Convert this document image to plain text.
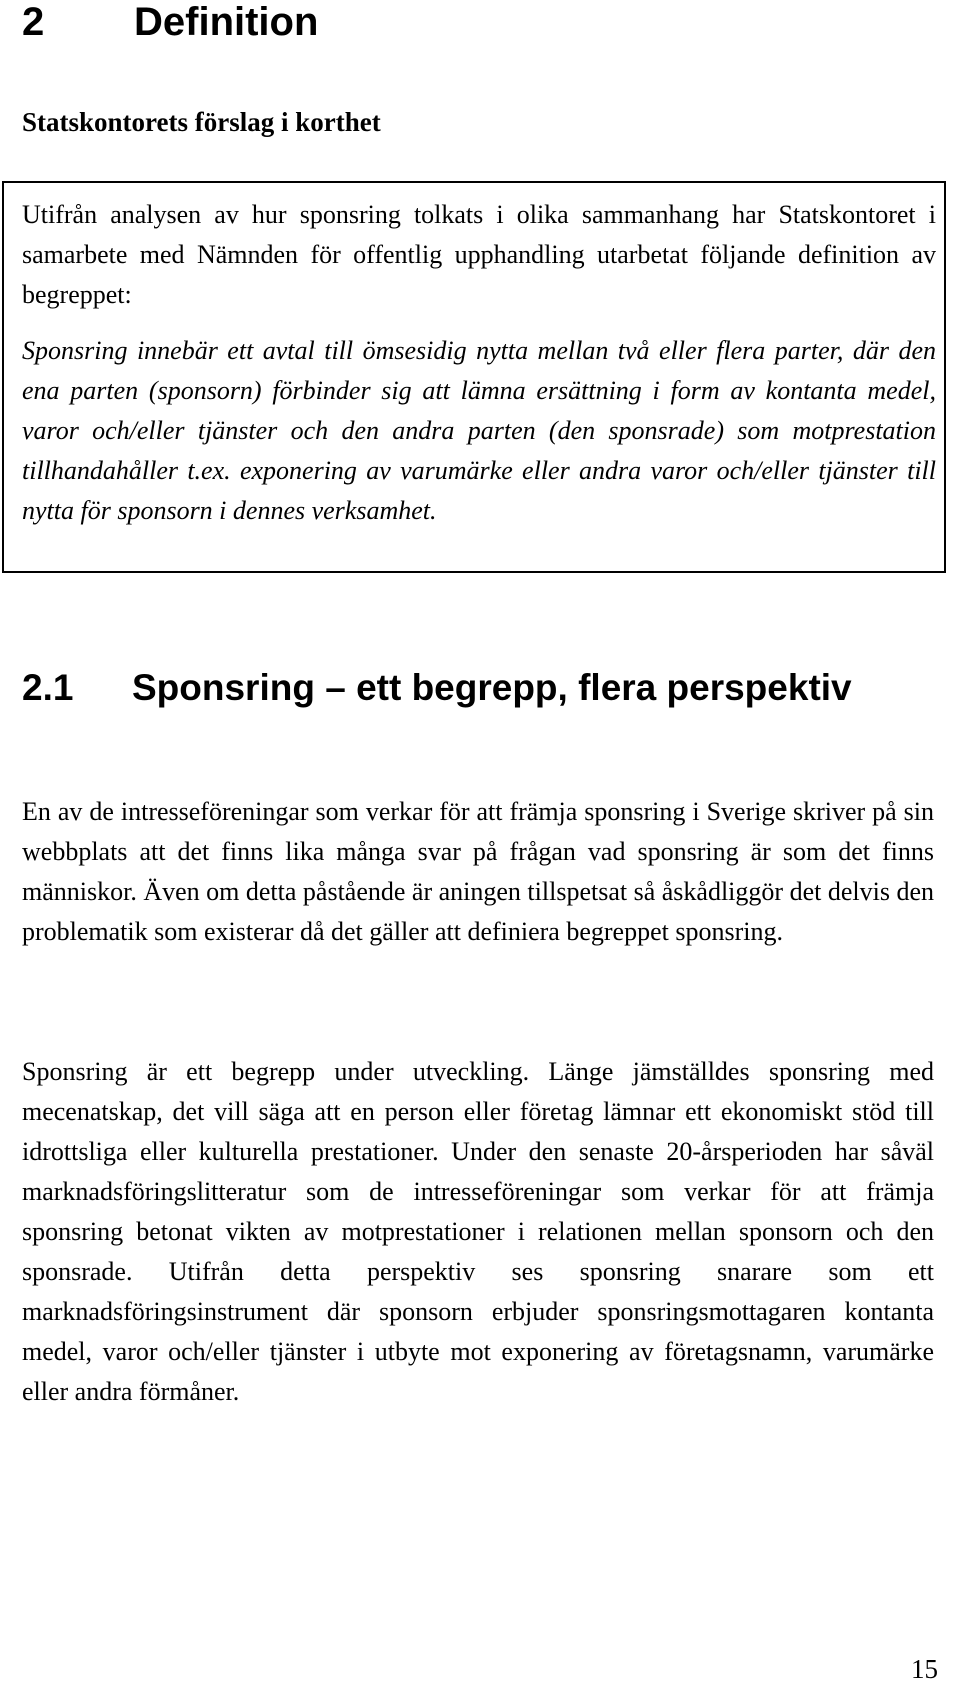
2 Definition
Statskontorets förslag i korthet

Utifrån analysen av hur sponsring tolkats i olika sammanhang har Statskontoret i samarbete med Nämnden för offentlig upphandling utarbetat följande definition av begreppet:

Sponsring innebär ett avtal till ömsesidig nytta mellan två eller flera parter, där den ena parten (sponsorn) förbinder sig att lämna ersättning i form av kontanta medel, varor och/eller tjänster och den andra parten (den sponsrade) som motprestation tillhandahåller t.ex. exponering av varumärke eller andra varor och/eller tjänster till nytta för sponsorn i dennes verksamhet.

2.1	Sponsring – ett begrepp, flera perspektiv

En av de intresseföreningar som verkar för att främja sponsring i Sverige skriver på sin webbplats att det finns lika många svar på frågan vad sponsring är som det finns människor. Även om detta påstående är aningen tillspetsat så åskådliggör det delvis den problematik som existerar då det gäller att definiera begreppet sponsring.

Sponsring är ett begrepp under utveckling. Länge jämställdes sponsring med mecenatskap, det vill säga att en person eller företag lämnar ett ekonomiskt stöd till idrottsliga eller kulturella prestationer. Under den senaste 20-årsperioden har såväl marknadsföringslitteratur som de intresseföreningar som verkar för att främja sponsring betonat vikten av motprestationer i relationen mellan sponsorn och den sponsrade. Utifrån detta perspektiv ses sponsring snarare som ett marknadsföringsinstrument där sponsorn erbjuder sponsringsmottagaren kontanta medel, varor och/eller tjänster i utbyte mot exponering av företagsnamn, varumärke eller andra förmåner.

15
